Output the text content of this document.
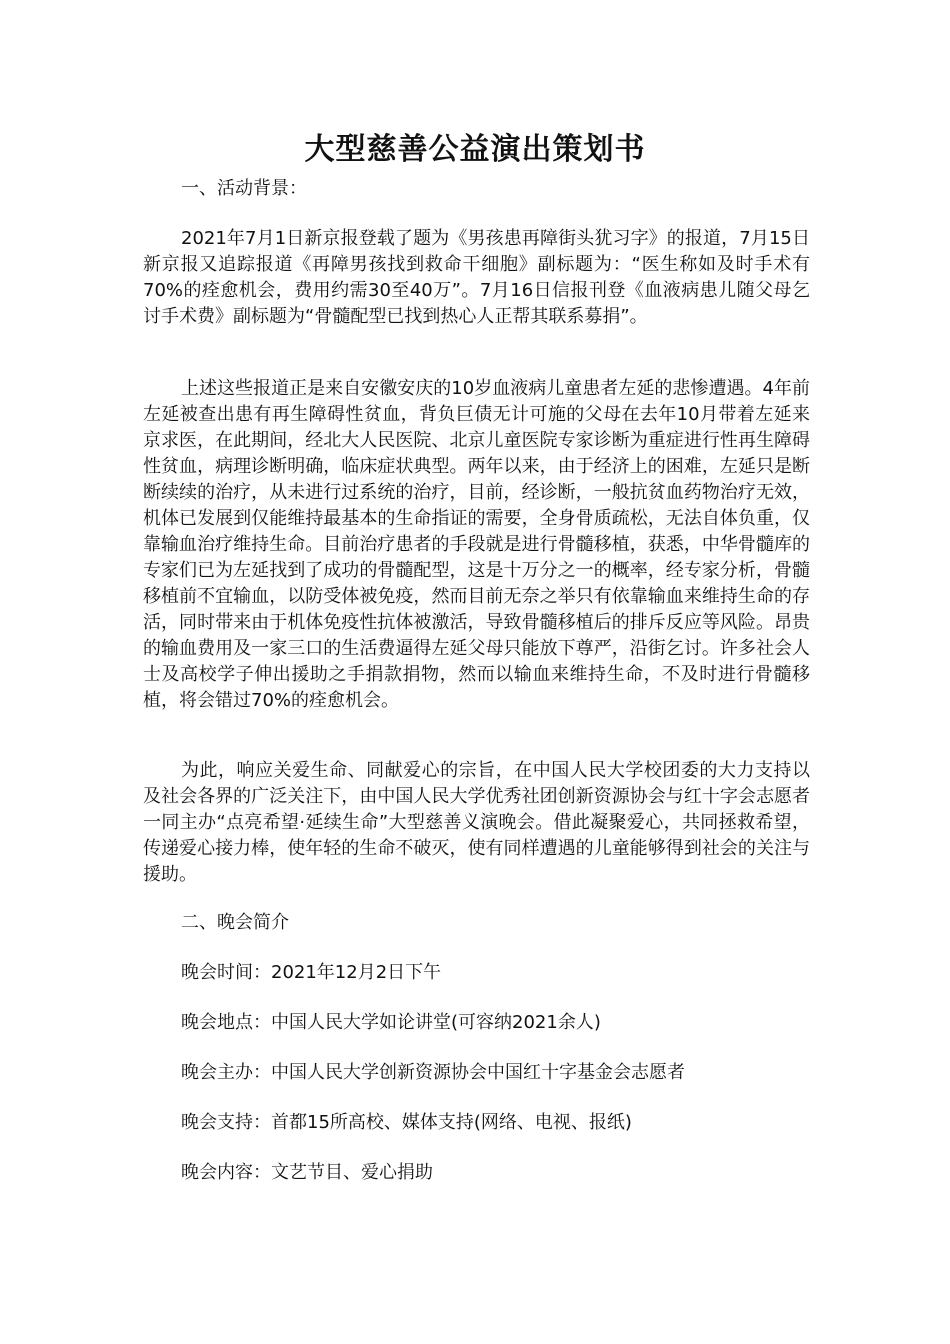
大型慈善公益演出策划书
一、活动背景：
2021年7月1日新京报登载了题为《男孩患再障街头犹习字》的报道，7月15日新京报又追踪报道《再障男孩找到救命干细胞》副标题为：“医生称如及时手术有70%的痊愈机会，费用约需30至40万”。7月16日信报刊登《血液病患儿随父母乞讨手术费》副标题为“骨髓配型已找到热心人正帮其联系募捐”。
上述这些报道正是来自安徽安庆的10岁血液病儿童患者左延的悲惨遭遇。4年前左延被查出患有再生障碍性贫血，背负巨债无计可施的父母在去年10月带着左延来京求医，在此期间，经北大人民医院、北京儿童医院专家诊断为重症进行性再生障碍性贫血，病理诊断明确，临床症状典型。两年以来，由于经济上的困难，左延只是断断续续的治疗，从未进行过系统的治疗，目前，经诊断，一般抗贫血药物治疗无效，机体已发展到仅能维持最基本的生命指证的需要，全身骨质疏松，无法自体负重，仅靠输血治疗维持生命。目前治疗患者的手段就是进行骨髓移植，获悉，中华骨髓库的专家们已为左延找到了成功的骨髓配型，这是十万分之一的概率，经专家分析，骨髓移植前不宜输血，以防受体被免疫，然而目前无奈之举只有依靠输血来维持生命的存活，同时带来由于机体免疫性抗体被激活，导致骨髓移植后的排斥反应等风险。昂贵的输血费用及一家三口的生活费逼得左延父母只能放下尊严，沿街乞讨。许多社会人士及高校学子伸出援助之手捐款捐物，然而以输血来维持生命，不及时进行骨髓移植，将会错过70%的痊愈机会。
为此，响应关爱生命、同献爱心的宗旨，在中国人民大学校团委的大力支持以及社会各界的广泛关注下，由中国人民大学优秀社团创新资源协会与红十字会志愿者一同主办“点亮希望·延续生命”大型慈善义演晚会。借此凝聚爱心，共同拯救希望，传递爱心接力棒，使年轻的生命不破灭，使有同样遭遇的儿童能够得到社会的关注与援助。
二、晚会简介
晚会时间：2021年12月2日下午
晚会地点：中国人民大学如论讲堂(可容纳2021余人)
晚会主办：中国人民大学创新资源协会中国红十字基金会志愿者
晚会支持：首都15所高校、媒体支持(网络、电视、报纸)
晚会内容：文艺节目、爱心捐助
